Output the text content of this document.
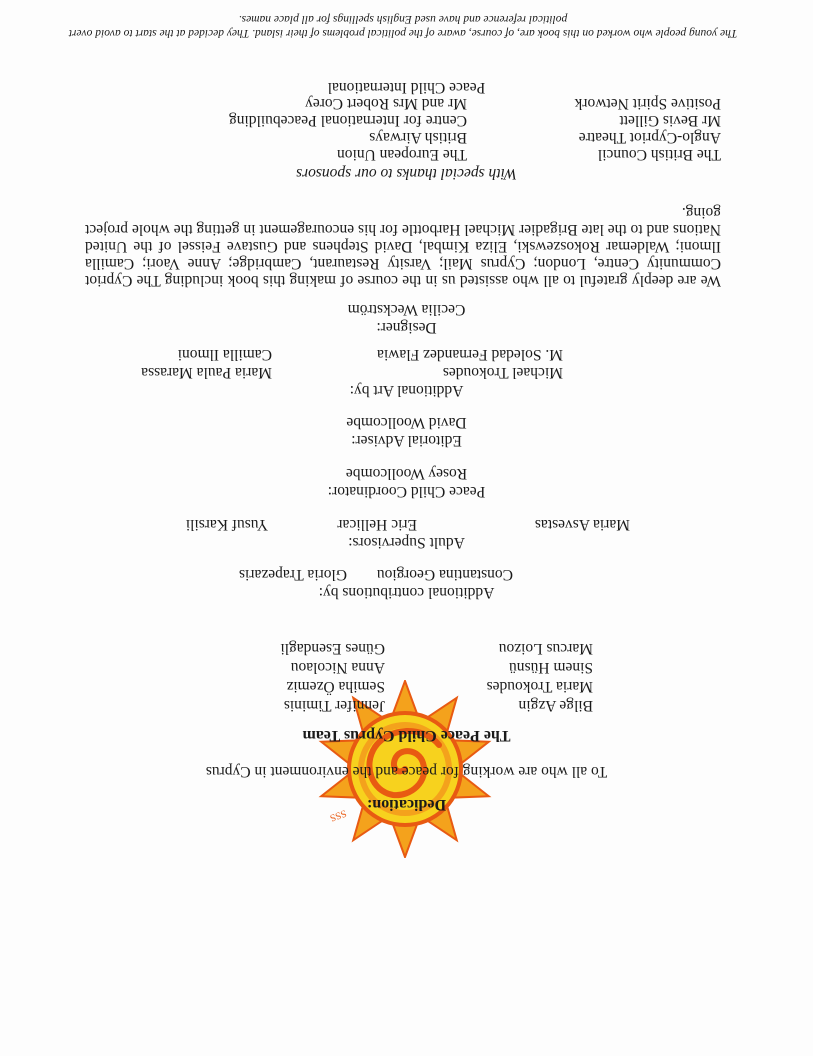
SSS
Dedication:
To all who are working for peace and the environment in Cyprus
The Peace Child Cyprus Team
Bilge Azgin
Maria Trokoudes
Sinem Hüsnü
Marcus Loizou
Jennifer Timinis
Semiha Özemiz
Anna Nicolaou
Günes Esendagli
Additional contributions by:
Constantina Georgiou
Gloria Trapezaris
Adult Supervisors:
Maria Asvestas
Eric Hellicar
Yusuf Karsili
Peace Child Coordinator:
Rosey Woollcombe
Editorial Adviser:
David Woollcombe
Additional Art by:
Michael Trokoudes
Maria Paula Marassa
M. Soledad Fernandez Flawia
Camilla Ilmoni
Designer:
Cecilia Weckström
We are deeply grateful to all who assisted us in the course of making this book including The Cypriot Community Centre, London; Cyprus Mail; Varsity Restaurant, Cambridge; Anne Vaori; Camilla Ilmoni; Waldemar Rokoszewski, Eliza Kimbal, David Stephens and Gustave Feissel of the United Nations and to the late Brigadier Michael Harbottle for his encouragement in getting the whole project going.
With special thanks to our sponsors
The British Council
Anglo-Cypriot Theatre
Mr Bevis Gillett
Positive Spirit Network
The European Union
British Airways
Centre for International Peacebuilding
Mr and Mrs Robert Corey
Peace Child International
The young people who worked on this book are, of course, aware of the political problems of their island. They decided at the start to avoid overt political reference and have used English spellings for all place names.
